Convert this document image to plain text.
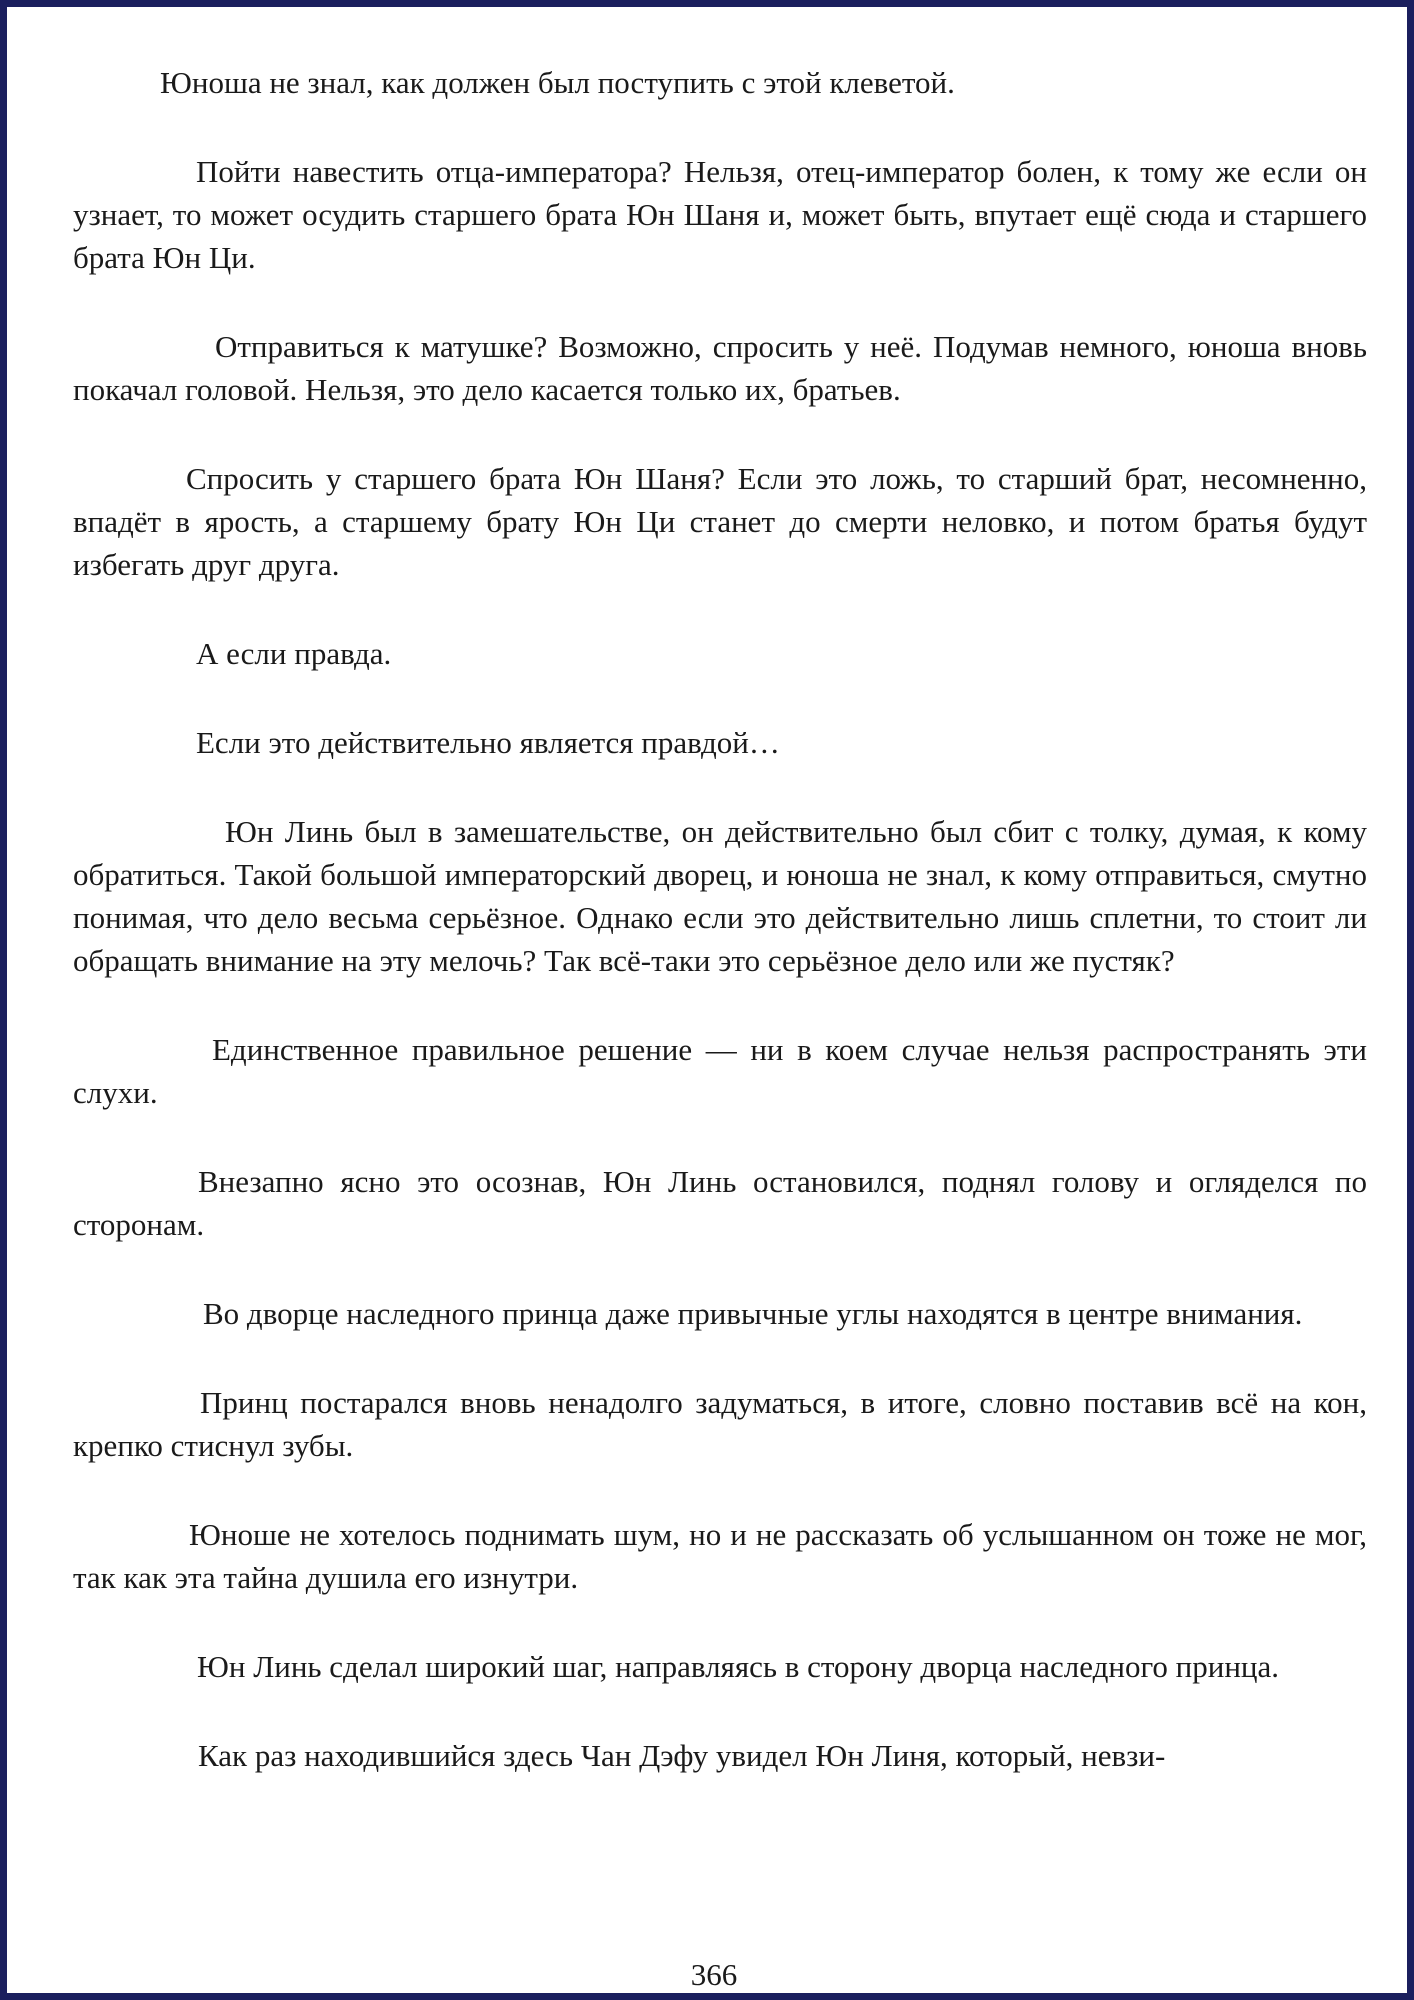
Юноша не знал, как должен был поступить с этой клеветой.

Пойти навестить отца-императора? Нельзя, отец-император болен, к тому же если он узнает, то может осудить старшего брата Юн Шаня и, может быть, впутает ещё сюда и старшего брата Юн Ци.

Отправиться к матушке? Возможно, спросить у неё. Подумав немного, юноша вновь покачал головой. Нельзя, это дело касается только их, братьев.

Спросить у старшего брата Юн Шаня? Если это ложь, то старший брат, несомненно, впадёт в ярость, а старшему брату Юн Ци станет до смерти неловко, и потом братья будут избегать друг друга.

А если правда.

Если это действительно является правдой…

Юн Линь был в замешательстве, он действительно был сбит с толку, думая, к кому обратиться. Такой большой императорский дворец, и юноша не знал, к кому отправиться, смутно понимая, что дело весьма серьёзное. Однако если это действительно лишь сплетни, то стоит ли обращать внимание на эту мелочь? Так всё-таки это серьёзное дело или же пустяк?

Единственное правильное решение — ни в коем случае нельзя распространять эти слухи.

Внезапно ясно это осознав, Юн Линь остановился, поднял голову и огляделся по сторонам.

Во дворце наследного принца даже привычные углы находятся в центре внимания.

Принц постарался вновь ненадолго задуматься, в итоге, словно поставив всё на кон, крепко стиснул зубы.

Юноше не хотелось поднимать шум, но и не рассказать об услышанном он тоже не мог, так как эта тайна душила его изнутри.

Юн Линь сделал широкий шаг, направляясь в сторону дворца наследного принца.

Как раз находившийся здесь Чан Дэфу увидел Юн Линя, который, невзи-

366
